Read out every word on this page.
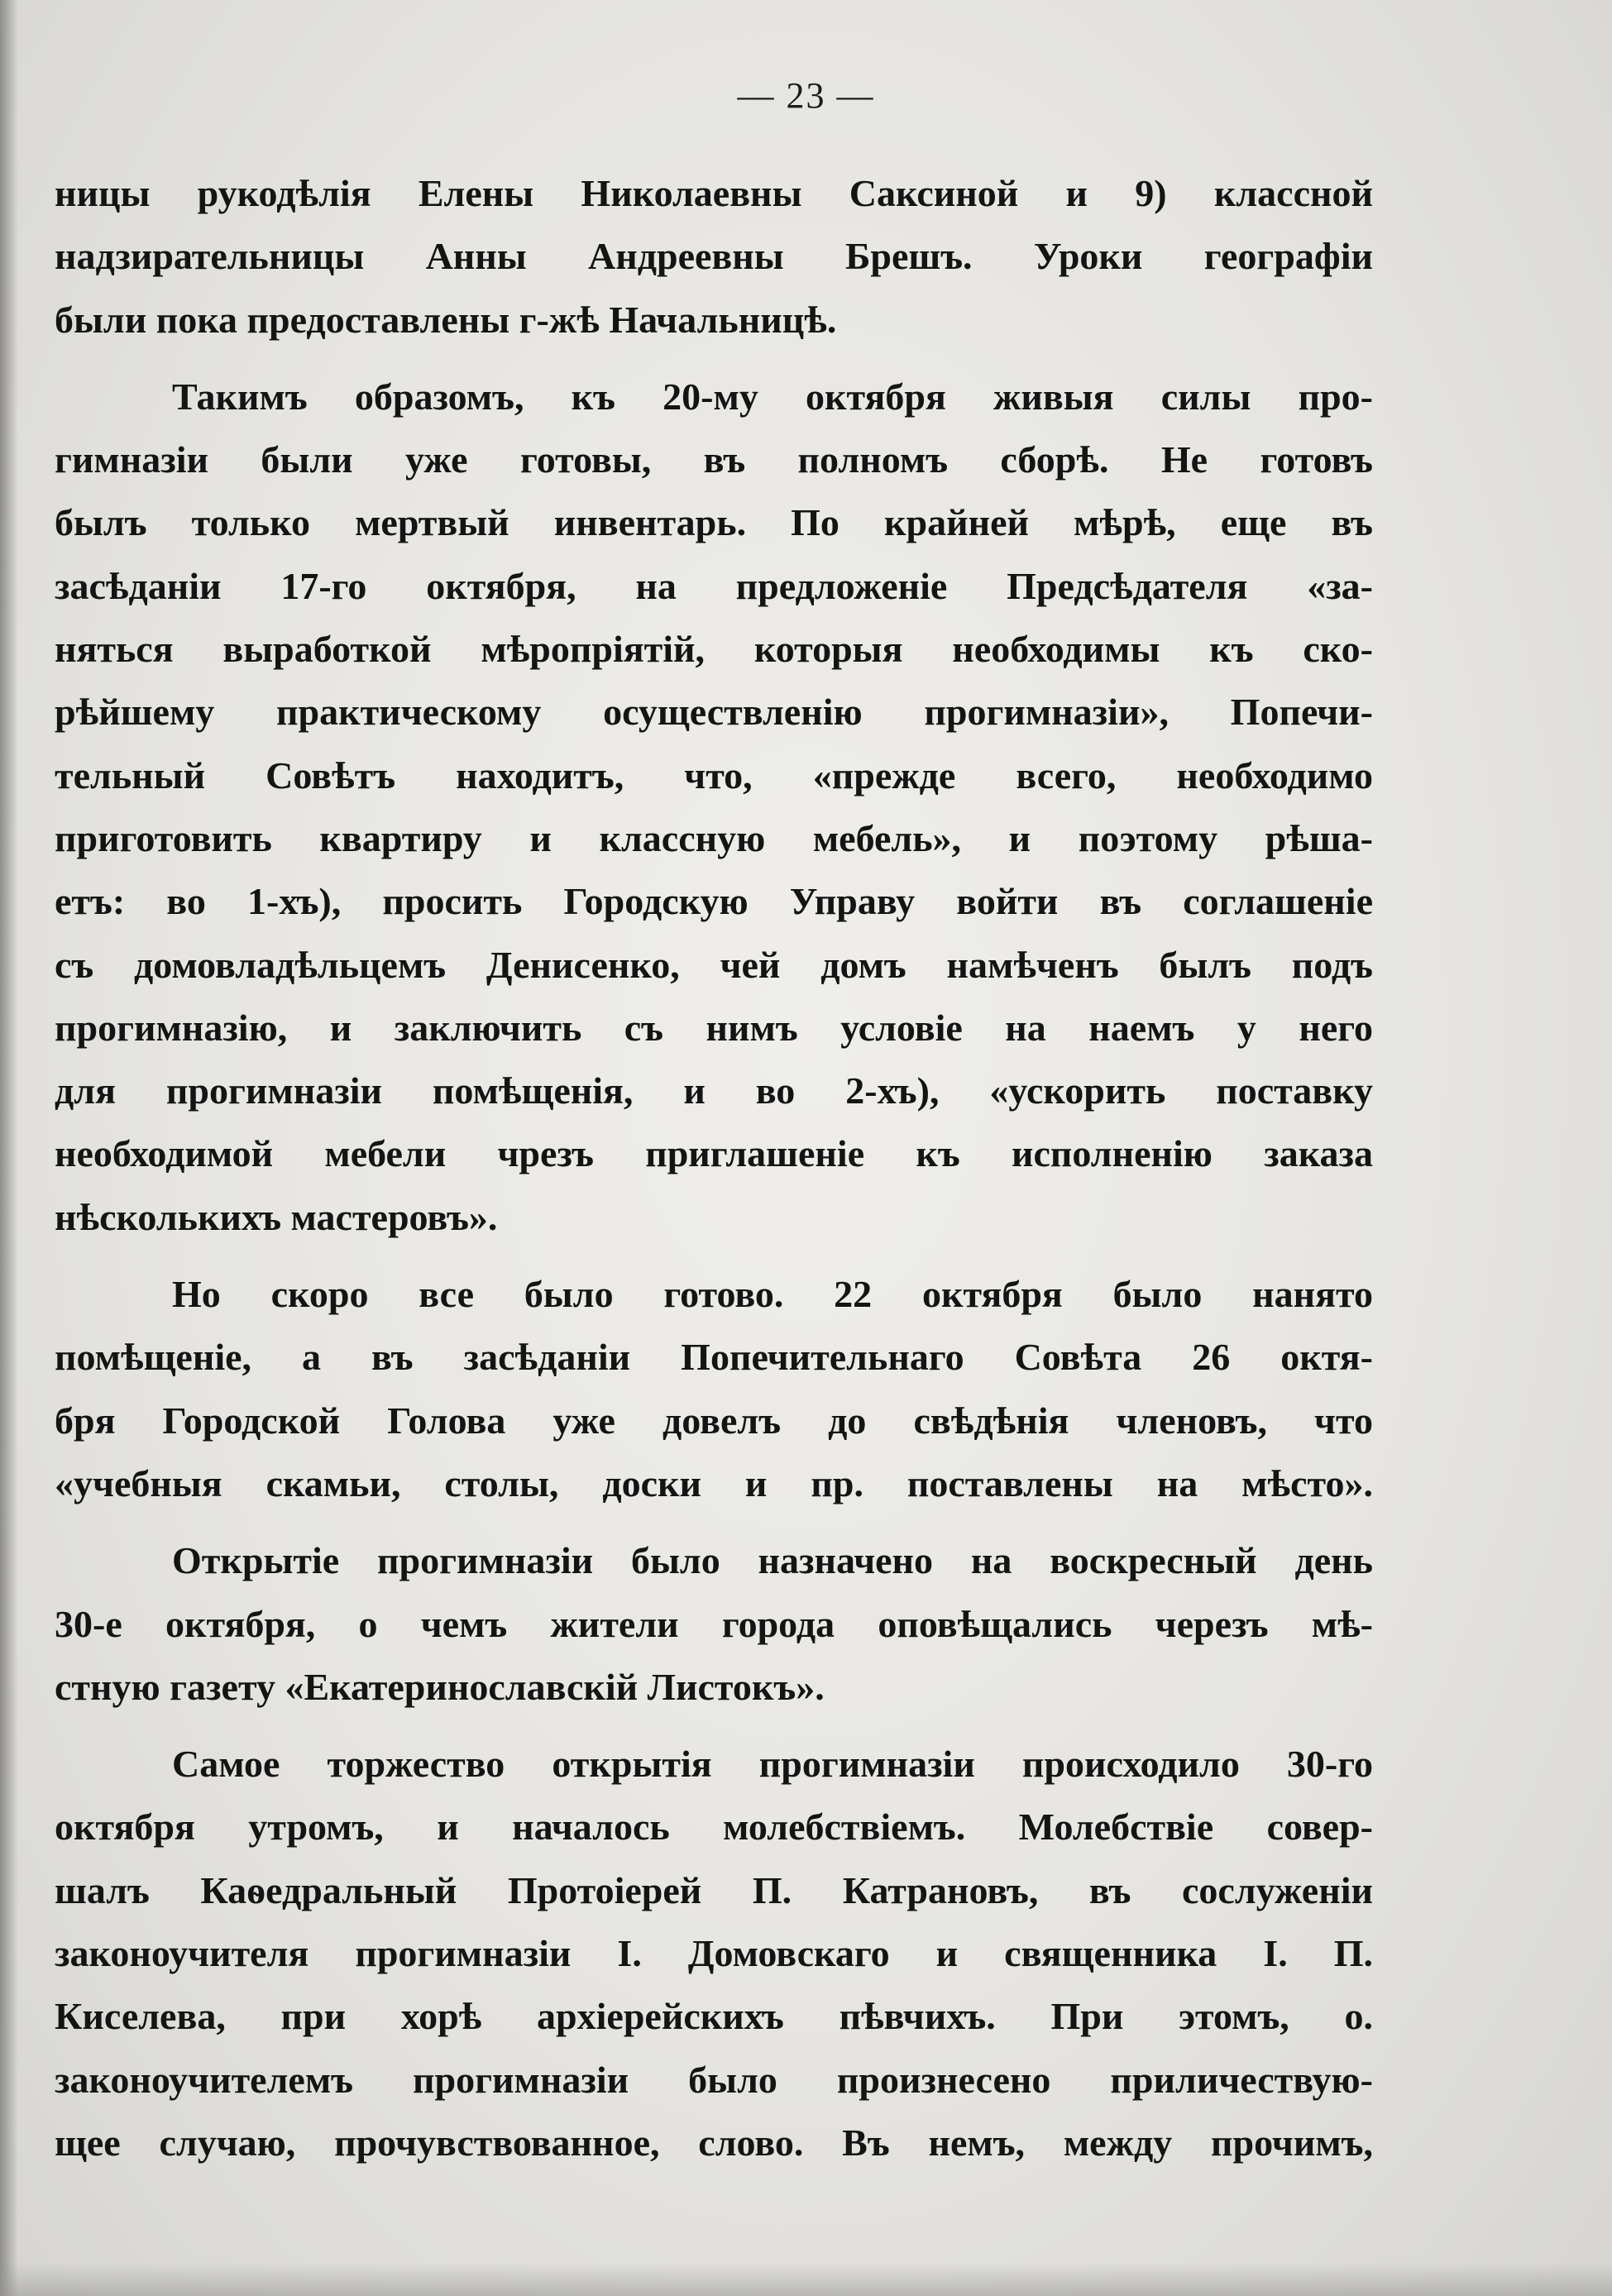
— 23 —
ницы рукодѣлія Елены Николаевны Саксиной и 9) классной
надзирательницы Анны Андреевны Брешъ. Уроки географіи
были пока предоставлены г-жѣ Начальницѣ.
Такимъ образомъ, къ 20-му октября живыя силы про-
гимназіи были уже готовы, въ полномъ сборѣ. Не готовъ
былъ только мертвый инвентарь. По крайней мѣрѣ, еще въ
засѣданіи 17-го октября, на предложеніе Предсѣдателя «за-
няться выработкой мѣропріятій, которыя необходимы къ ско-
рѣйшему практическому осуществленію прогимназіи», Попечи-
тельный Совѣтъ находитъ, что, «прежде всего, необходимо
приготовить квартиру и классную мебель», и поэтому рѣша-
етъ: во 1-хъ), просить Городскую Управу войти въ соглашеніе
съ домовладѣльцемъ Денисенко, чей домъ намѣченъ былъ подъ
прогимназію, и заключить съ нимъ условіе на наемъ у него
для прогимназіи помѣщенія, и во 2-хъ), «ускорить поставку
необходимой мебели чрезъ приглашеніе къ исполненію заказа
нѣсколькихъ мастеровъ».
Но скоро все было готово. 22 октября было нанято
помѣщеніе, а въ засѣданіи Попечительнаго Совѣта 26 октя-
бря Городской Голова уже довелъ до свѣдѣнія членовъ, что
«учебныя скамьи, столы, доски и пр. поставлены на мѣсто».
Открытіе прогимназіи было назначено на воскресный день
30-е октября, о чемъ жители города оповѣщались черезъ мѣ-
стную газету «Екатеринославскій Листокъ».
Самое торжество открытія прогимназіи происходило 30-го
октября утромъ, и началось молебствіемъ. Молебствіе совер-
шалъ Каѳедральный Протоіерей П. Катрановъ, въ сослуженіи
законоучителя прогимназіи І. Домовскаго и священника І. П.
Киселева, при хорѣ архіерейскихъ пѣвчихъ. При этомъ, о.
законоучителемъ прогимназіи было произнесено приличествую-
щее случаю, прочувствованное, слово. Въ немъ, между прочимъ,
